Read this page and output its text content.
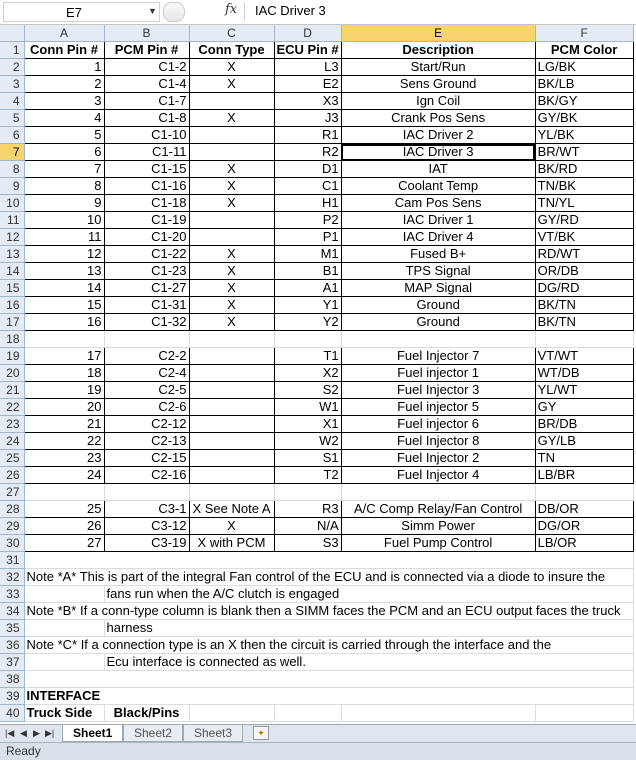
E7	▼	fx IAC Driver 3
	A	B	C	D	E	F
1	Conn Pin #	PCM Pin #	Conn Type	ECU Pin #	Description	PCM Color
2	1	C1-2	X	L3	Start/Run	LG/BK
3	2	C1-4	X	E2	Sens Ground	BK/LB
4	3	C1-7		X3	Ign Coil	BK/GY
5	4	C1-8	X	J3	Crank Pos Sens	GY/BK
6	5	C1-10		R1	IAC Driver 2	YL/BK
7	6	C1-11		R2	IAC Driver 3	BR/WT
8	7	C1-15	X	D1	IAT	BK/RD
9	8	C1-16	X	C1	Coolant Temp	TN/BK
10	9	C1-18	X	H1	Cam Pos Sens	TN/YL
11	10	C1-19		P2	IAC Driver 1	GY/RD
12	11	C1-20		P1	IAC Driver 4	VT/BK
13	12	C1-22	X	M1	Fused B+	RD/WT
14	13	C1-23	X	B1	TPS Signal	OR/DB
15	14	C1-27	X	A1	MAP Signal	DG/RD
16	15	C1-31	X	Y1	Ground	BK/TN
17	16	C1-32	X	Y2	Ground	BK/TN
18						
19	17	C2-2		T1	Fuel Injector 7	VT/WT
20	18	C2-4		X2	Fuel injector 1	WT/DB
21	19	C2-5		S2	Fuel Injector 3	YL/WT
22	20	C2-6		W1	Fuel injector 5	GY
23	21	C2-12		X1	Fuel injector 6	BR/DB
24	22	C2-13		W2	Fuel Injector 8	GY/LB
25	23	C2-15		S1	Fuel Injector 2	TN
26	24	C2-16		T2	Fuel Injector 4	LB/BR
27						
28	25	C3-1	X See Note A	R3	A/C Comp Relay/Fan Control	DB/OR
29	26	C3-12	X	N/A	Simm Power	DG/OR
30	27	C3-19	X with PCM	S3	Fuel Pump Control	LB/OR
31						
32	Note *A* This is part of the integral Fan control of the ECU and is connected via a diode to insure the					
33		fans run when the A/C clutch is engaged				
34	Note *B* If a conn-type column is blank then a SIMM faces the PCM and an ECU output faces the truck					
35		harness				
36	Note *C* If a connection type is an X then the circuit is carried through the interface and the					
37		Ecu interface is connected as well.				
38						
39	INTERFACE					
40	Truck Side	Black/Pins				
|◀ ◀ ▶ ▶|	Sheet1	Sheet2	Sheet3	✦
Ready
